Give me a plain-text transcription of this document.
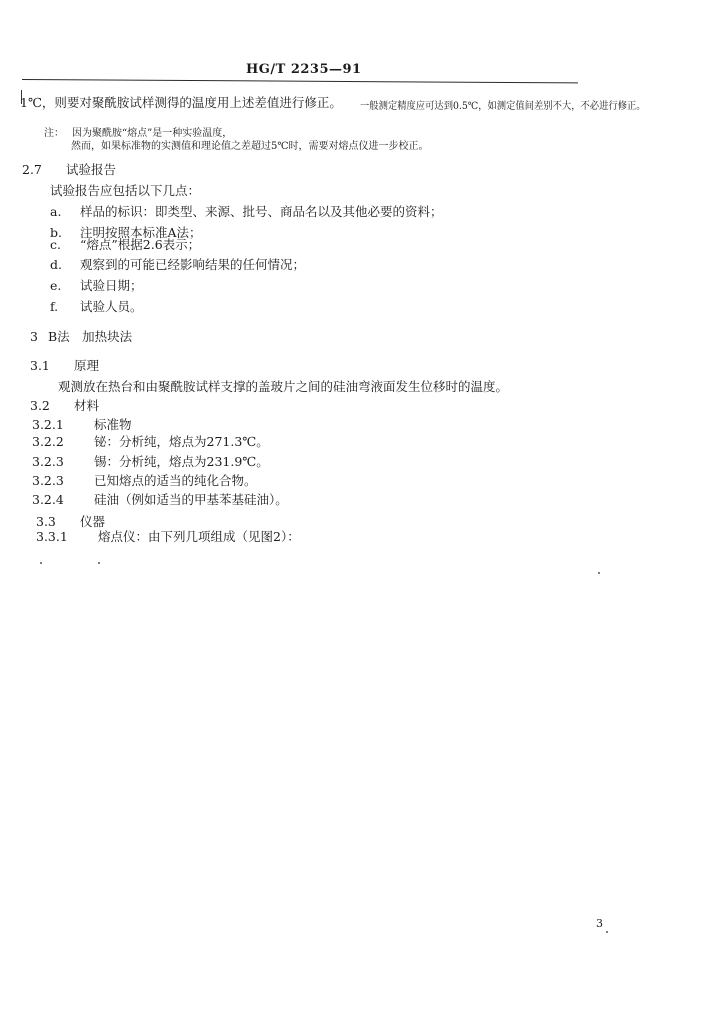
HG/T 2235—91
1℃，则要对聚酰胺试样测得的温度用上述差值进行修正。 一般测定精度应可达到0.5℃，如测定值间差别不大，不必进行修正。
注： 因为聚酰胺“熔点”是一种实验温度，
然而，如果标准物的实测值和理论值之差超过5℃时，需要对熔点仪进一步校正。
2.7 试验报告
试验报告应包括以下几点：
a. 样品的标识：即类型、来源、批号、商品名以及其他必要的资料；
b. 注明按照本标准A法；
c. “熔点”根据2.6表示；
d. 观察到的可能已经影响结果的任何情况；
e. 试验日期；
f. 试验人员。
3 B法　加热块法
3.1 原理
观测放在热台和由聚酰胺试样支撑的盖玻片之间的硅油弯液面发生位移时的温度。
3.2 材料
3.2.1 标准物
3.2.2 铋：分析纯，熔点为271.3℃。
3.2.3 锡：分析纯，熔点为231.9℃。
3.2.3 已知熔点的适当的纯化合物。
3.2.4 硅油（例如适当的甲基苯基硅油）。
3.3 仪器
3.3.1 熔点仪：由下列几项组成（见图2）：
3
